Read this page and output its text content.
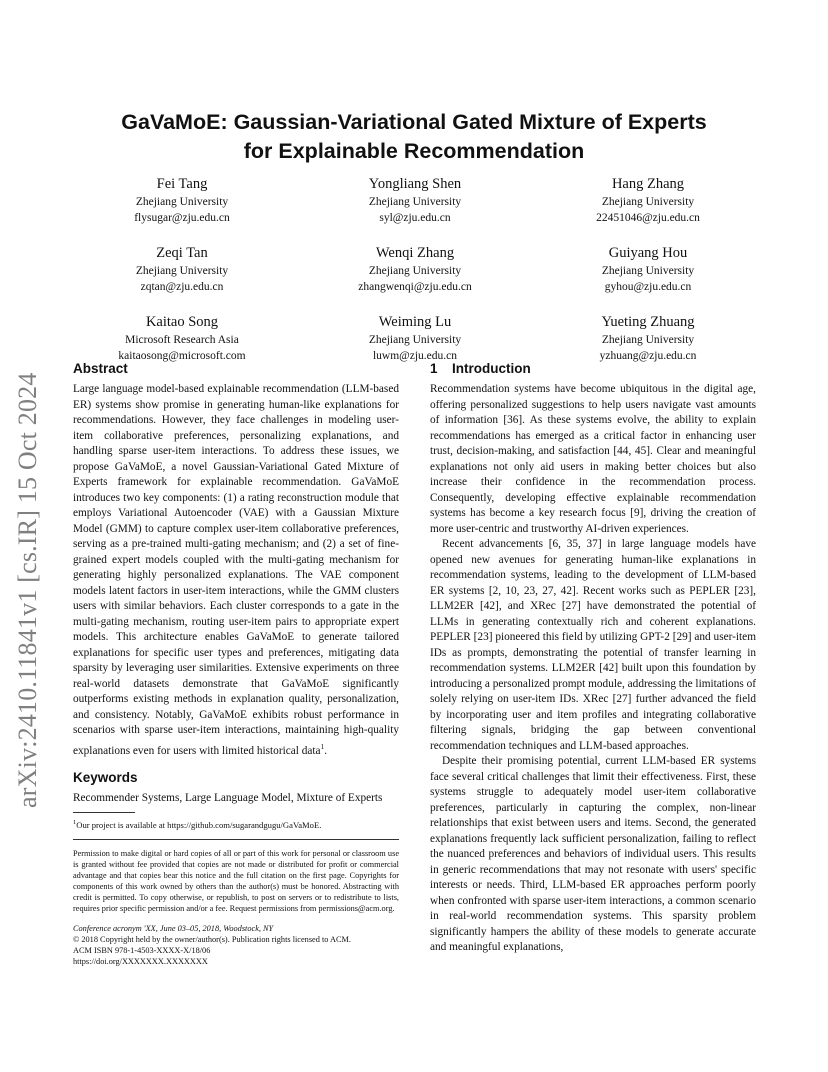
arXiv:2410.11841v1 [cs.IR] 15 Oct 2024
GaVaMoE: Gaussian-Variational Gated Mixture of Experts
for Explainable Recommendation
Fei Tang
Zhejiang University
flysugar@zju.edu.cn
Yongliang Shen
Zhejiang University
syl@zju.edu.cn
Hang Zhang
Zhejiang University
22451046@zju.edu.cn
Zeqi Tan
Zhejiang University
zqtan@zju.edu.cn
Wenqi Zhang
Zhejiang University
zhangwenqi@zju.edu.cn
Guiyang Hou
Zhejiang University
gyhou@zju.edu.cn
Kaitao Song
Microsoft Research Asia
kaitaosong@microsoft.com
Weiming Lu
Zhejiang University
luwm@zju.edu.cn
Yueting Zhuang
Zhejiang University
yzhuang@zju.edu.cn
Abstract

Large language model-based explainable recommendation (LLM-based ER) systems show promise in generating human-like explanations for recommendations. However, they face challenges in modeling user-item collaborative preferences, personalizing explanations, and handling sparse user-item interactions. To address these issues, we propose GaVaMoE, a novel Gaussian-Variational Gated Mixture of Experts framework for explainable recommendation. GaVaMoE introduces two key components: (1) a rating reconstruction module that employs Variational Autoencoder (VAE) with a Gaussian Mixture Model (GMM) to capture complex user-item collaborative preferences, serving as a pre-trained multi-gating mechanism; and (2) a set of fine-grained expert models coupled with the multi-gating mechanism for generating highly personalized explanations. The VAE component models latent factors in user-item interactions, while the GMM clusters users with similar behaviors. Each cluster corresponds to a gate in the multi-gating mechanism, routing user-item pairs to appropriate expert models. This architecture enables GaVaMoE to generate tailored explanations for specific user types and preferences, mitigating data sparsity by leveraging user similarities. Extensive experiments on three real-world datasets demonstrate that GaVaMoE significantly outperforms existing methods in explanation quality, personalization, and consistency. Notably, GaVaMoE exhibits robust performance in scenarios with sparse user-item interactions, maintaining high-quality explanations even for users with limited historical data$^1$.

Keywords

Recommender Systems, Large Language Model, Mixture of Experts

$^1$Our project is available at https://github.com/sugarandgugu/GaVaMoE.

Permission to make digital or hard copies of all or part of this work for personal or classroom use is granted without fee provided that copies are not made or distributed for profit or commercial advantage and that copies bear this notice and the full citation on the first page. Copyrights for components of this work owned by others than the author(s) must be honored. Abstracting with credit is permitted. To copy otherwise, or republish, to post on servers or to redistribute to lists, requires prior specific permission and/or a fee. Request permissions from permissions@acm.org.

Conference acronym 'XX, June 03–05, 2018, Woodstock, NY
© 2018 Copyright held by the owner/author(s). Publication rights licensed to ACM.
ACM ISBN 978-1-4503-XXXX-X/18/06
https://doi.org/XXXXXXX.XXXXXXX
1 Introduction

Recommendation systems have become ubiquitous in the digital age, offering personalized suggestions to help users navigate vast amounts of information [36]. As these systems evolve, the ability to explain recommendations has emerged as a critical factor in enhancing user trust, decision-making, and satisfaction [44, 45]. Clear and meaningful explanations not only aid users in making better choices but also increase their confidence in the recommendation process. Consequently, developing effective explainable recommendation systems has become a key research focus [9], driving the creation of more user-centric and trustworthy AI-driven experiences.

Recent advancements [6, 35, 37] in large language models have opened new avenues for generating human-like explanations in recommendation systems, leading to the development of LLM-based ER systems [2, 10, 23, 27, 42]. Recent works such as PEPLER [23], LLM2ER [42], and XRec [27] have demonstrated the potential of LLMs in generating contextually rich and coherent explanations. PEPLER [23] pioneered this field by utilizing GPT-2 [29] and user-item IDs as prompts, demonstrating the potential of transfer learning in recommendation systems. LLM2ER [42] built upon this foundation by introducing a personalized prompt module, addressing the limitations of solely relying on user-item IDs. XRec [27] further advanced the field by incorporating user and item profiles and integrating collaborative filtering signals, bridging the gap between conventional recommendation techniques and LLM-based approaches.

Despite their promising potential, current LLM-based ER systems face several critical challenges that limit their effectiveness. First, these systems struggle to adequately model user-item collaborative preferences, particularly in capturing the complex, non-linear relationships that exist between users and items. Second, the generated explanations frequently lack sufficient personalization, failing to reflect the nuanced preferences and behaviors of individual users. This results in generic recommendations that may not resonate with users' specific interests or needs. Third, LLM-based ER approaches perform poorly when confronted with sparse user-item interactions, a common scenario in real-world recommendation systems. This sparsity problem significantly hampers the ability of these models to generate accurate and meaningful explanations,
